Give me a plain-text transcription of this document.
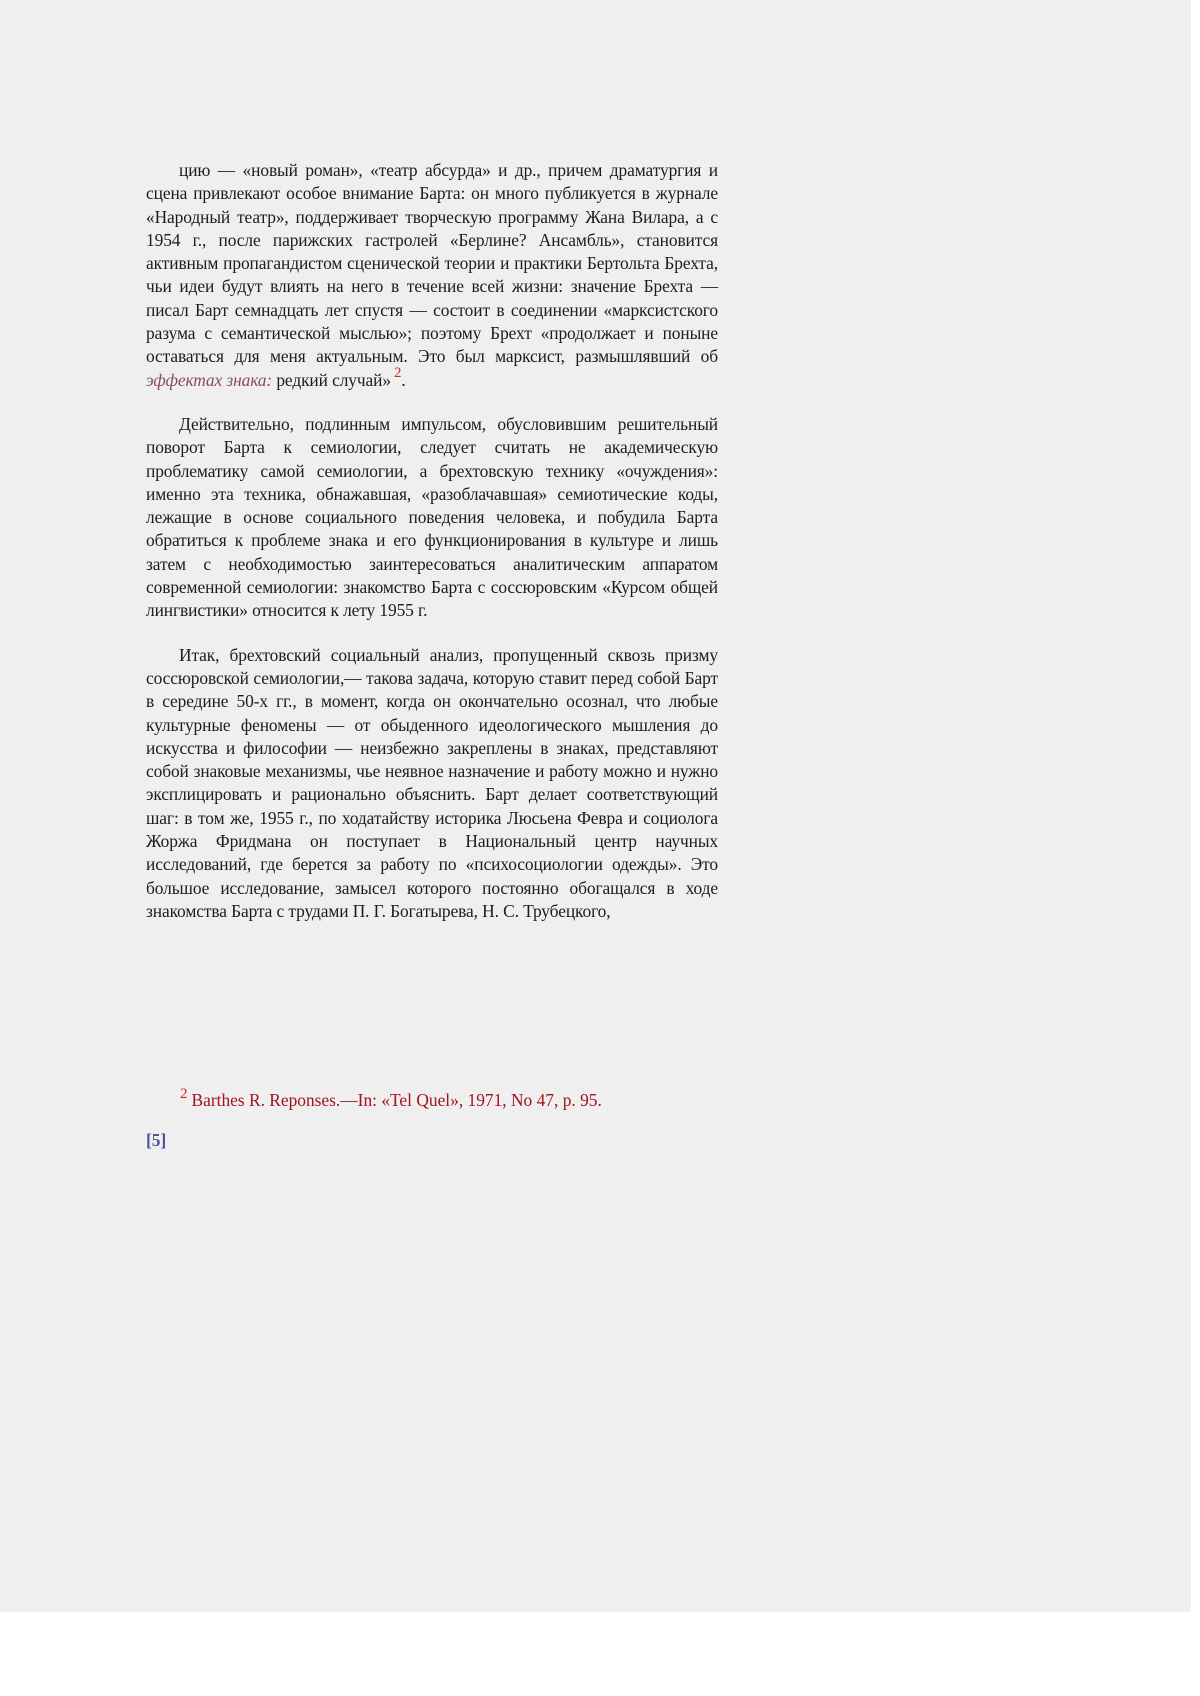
цию — «новый роман», «театр абсурда» и др., причем драматургия и сцена привлекают особое внимание Барта: он много публикуется в журнале «Народный театр», поддерживает творческую программу Жана Вилара, а с 1954 г., после парижских гастролей «Берлине? Ансамбль», становится активным пропагандистом сценической теории и практики Бертольта Брехта, чьи идеи будут влиять на него в течение всей жизни: значение Брехта — писал Барт семнадцать лет спустя — состоит в соединении «марксистского разума с семантической мыслью»; поэтому Брехт «продолжает и поныне оставаться для меня актуальным. Это был марксист, размышлявший об эффектах знака: редкий случай» 2.

Действительно, подлинным импульсом, обусловившим решительный поворот Барта к семиологии, следует считать не академическую проблематику самой семиологии, а брехтовскую технику «очуждения»: именно эта техника, обнажавшая, «разоблачавшая» семиотические коды, лежащие в основе социального поведения человека, и побудила Барта обратиться к проблеме знака и его функционирования в культуре и лишь затем с необходимостью заинтересоваться аналитическим аппаратом современной семиологии: знакомство Барта с соссюровским «Курсом общей лингвистики» относится к лету 1955 г.

Итак, брехтовский социальный анализ, пропущенный сквозь призму соссюровской семиологии,— такова задача, которую ставит перед собой Барт в середине 50-х гг., в момент, когда он окончательно осознал, что любые культурные феномены — от обыденного идеологического мышления до искусства и философии — неизбежно закреплены в знаках, представляют собой знаковые механизмы, чье неявное назначение и работу можно и нужно эксплицировать и рационально объяснить. Барт делает соответствующий шаг: в том же, 1955 г., по ходатайству историка Люсьена Февра и социолога Жоржа Фридмана он поступает в Национальный центр научных исследований, где берется за работу по «психосоциологии одежды». Это большое исследование, замысел которого постоянно обогащался в ходе знакомства Барта с трудами П. Г. Богатырева, Н. С. Трубецкого,

2 Barthes R. Reponses.—In: «Tel Quel», 1971, No 47, p. 95.
[5]
